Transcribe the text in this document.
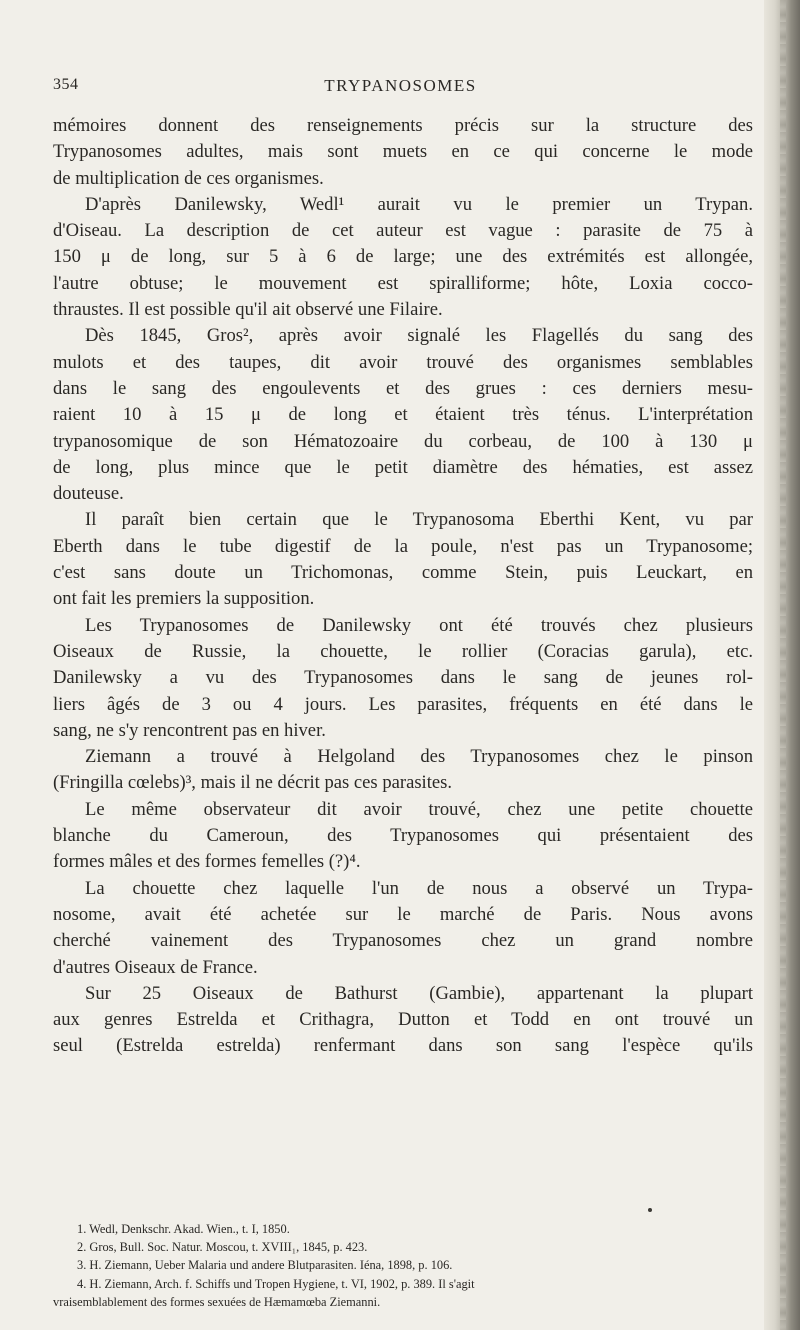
354	TRYPANOSOMES
mémoires donnent des renseignements précis sur la structure des
Trypanosomes adultes, mais sont muets en ce qui concerne le mode
de multiplication de ces organismes.
D'après Danilewsky, Wedl¹ aurait vu le premier un Trypan.
d'Oiseau. La description de cet auteur est vague : parasite de 75 à
150 μ de long, sur 5 à 6 de large; une des extrémités est allongée,
l'autre obtuse; le mouvement est spiralliforme; hôte, Loxia cocco-
thraustes. Il est possible qu'il ait observé une Filaire.
Dès 1845, Gros², après avoir signalé les Flagellés du sang des
mulots et des taupes, dit avoir trouvé des organismes semblables
dans le sang des engoulevents et des grues : ces derniers mesu-
raient 10 à 15 μ de long et étaient très ténus. L'interprétation
trypanosomique de son Hématozoaire du corbeau, de 100 à 130 μ
de long, plus mince que le petit diamètre des hématies, est assez
douteuse.
Il paraît bien certain que le Trypanosoma Eberthi Kent, vu par
Eberth dans le tube digestif de la poule, n'est pas un Trypanosome;
c'est sans doute un Trichomonas, comme Stein, puis Leuckart, en
ont fait les premiers la supposition.
Les Trypanosomes de Danilewsky ont été trouvés chez plusieurs
Oiseaux de Russie, la chouette, le rollier (Coracias garula), etc.
Danilewsky a vu des Trypanosomes dans le sang de jeunes rol-
liers âgés de 3 ou 4 jours. Les parasites, fréquents en été dans le
sang, ne s'y rencontrent pas en hiver.
Ziemann a trouvé à Helgoland des Trypanosomes chez le pinson
(Fringilla cœlebs)³, mais il ne décrit pas ces parasites.
Le même observateur dit avoir trouvé, chez une petite chouette
blanche du Cameroun, des Trypanosomes qui présentaient des
formes mâles et des formes femelles (?)⁴.
La chouette chez laquelle l'un de nous a observé un Trypa-
nosome, avait été achetée sur le marché de Paris. Nous avons
cherché vainement des Trypanosomes chez un grand nombre
d'autres Oiseaux de France.
Sur 25 Oiseaux de Bathurst (Gambie), appartenant la plupart
aux genres Estrelda et Crithagra, Dutton et Todd en ont trouvé un
seul (Estrelda estrelda) renfermant dans son sang l'espèce qu'ils
1. Wedl, Denkschr. Akad. Wien., t. I, 1850.
2. Gros, Bull. Soc. Natur. Moscou, t. XVIII₁, 1845, p. 423.
3. H. Ziemann, Ueber Malaria und andere Blutparasiten. Iéna, 1898, p. 106.
4. H. Ziemann, Arch. f. Schiffs und Tropen Hygiene, t. VI, 1902, p. 389. Il s'agit
vraisemblablement des formes sexuées de Hæmamœba Ziemanni.
